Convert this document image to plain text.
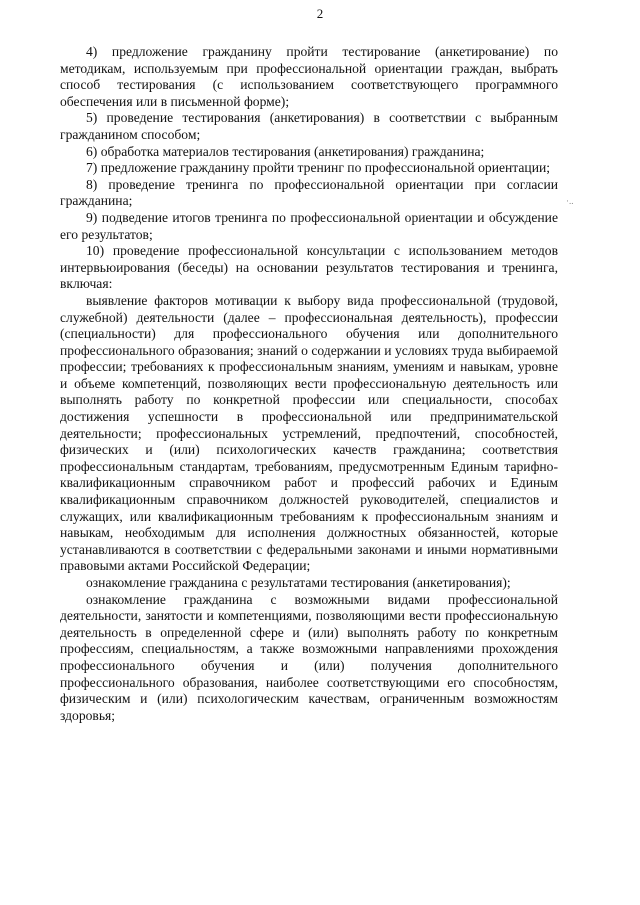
2
·..

4) предложение гражданину пройти тестирование (анкетирование) по методикам, используемым при профессиональной ориентации граждан, выбрать способ тестирования (с использованием соответствующего программного обеспечения или в письменной форме);

5) проведение тестирования (анкетирования) в соответствии с выбранным гражданином способом;

6) обработка материалов тестирования (анкетирования) гражданина;

7) предложение гражданину пройти тренинг по профессиональной ориентации;

8) проведение тренинга по профессиональной ориентации при согласии гражданина;

9) подведение итогов тренинга по профессиональной ориентации и обсуждение его результатов;

10) проведение профессиональной консультации с использованием методов интервьюирования (беседы) на основании результатов тестирования и тренинга, включая:

выявление факторов мотивации к выбору вида профессиональной (трудовой, служебной) деятельности (далее – профессиональная деятельность), профессии (специальности) для профессионального обучения или дополнительного профессионального образования; знаний о содержании и условиях труда выбираемой профессии; требованиях к профессиональным знаниям, умениям и навыкам, уровне и объеме компетенций, позволяющих вести профессиональную деятельность или выполнять работу по конкретной профессии или специальности, способах достижения успешности в профессиональной или предпринимательской деятельности; профессиональных устремлений, предпочтений, способностей, физических и (или) психологических качеств гражданина; соответствия профессиональным стандартам, требованиям, предусмотренным Единым тарифно-квалификационным справочником работ и профессий рабочих и Единым квалификационным справочником должностей руководителей, специалистов и служащих, или квалификационным требованиям к профессиональным знаниям и навыкам, необходимым для исполнения должностных обязанностей, которые устанавливаются в соответствии с федеральными законами и иными нормативными правовыми актами Российской Федерации;

ознакомление гражданина с результатами тестирования (анкетирования);

ознакомление гражданина с возможными видами профессиональной деятельности, занятости и компетенциями, позволяющими вести профессиональную деятельность в определенной сфере и (или) выполнять работу по конкретным профессиям, специальностям, а также возможными направлениями прохождения профессионального обучения и (или) получения дополнительного профессионального образования, наиболее соответствующими его способностям, физическим и (или) психологическим качествам, ограниченным возможностям здоровья;
